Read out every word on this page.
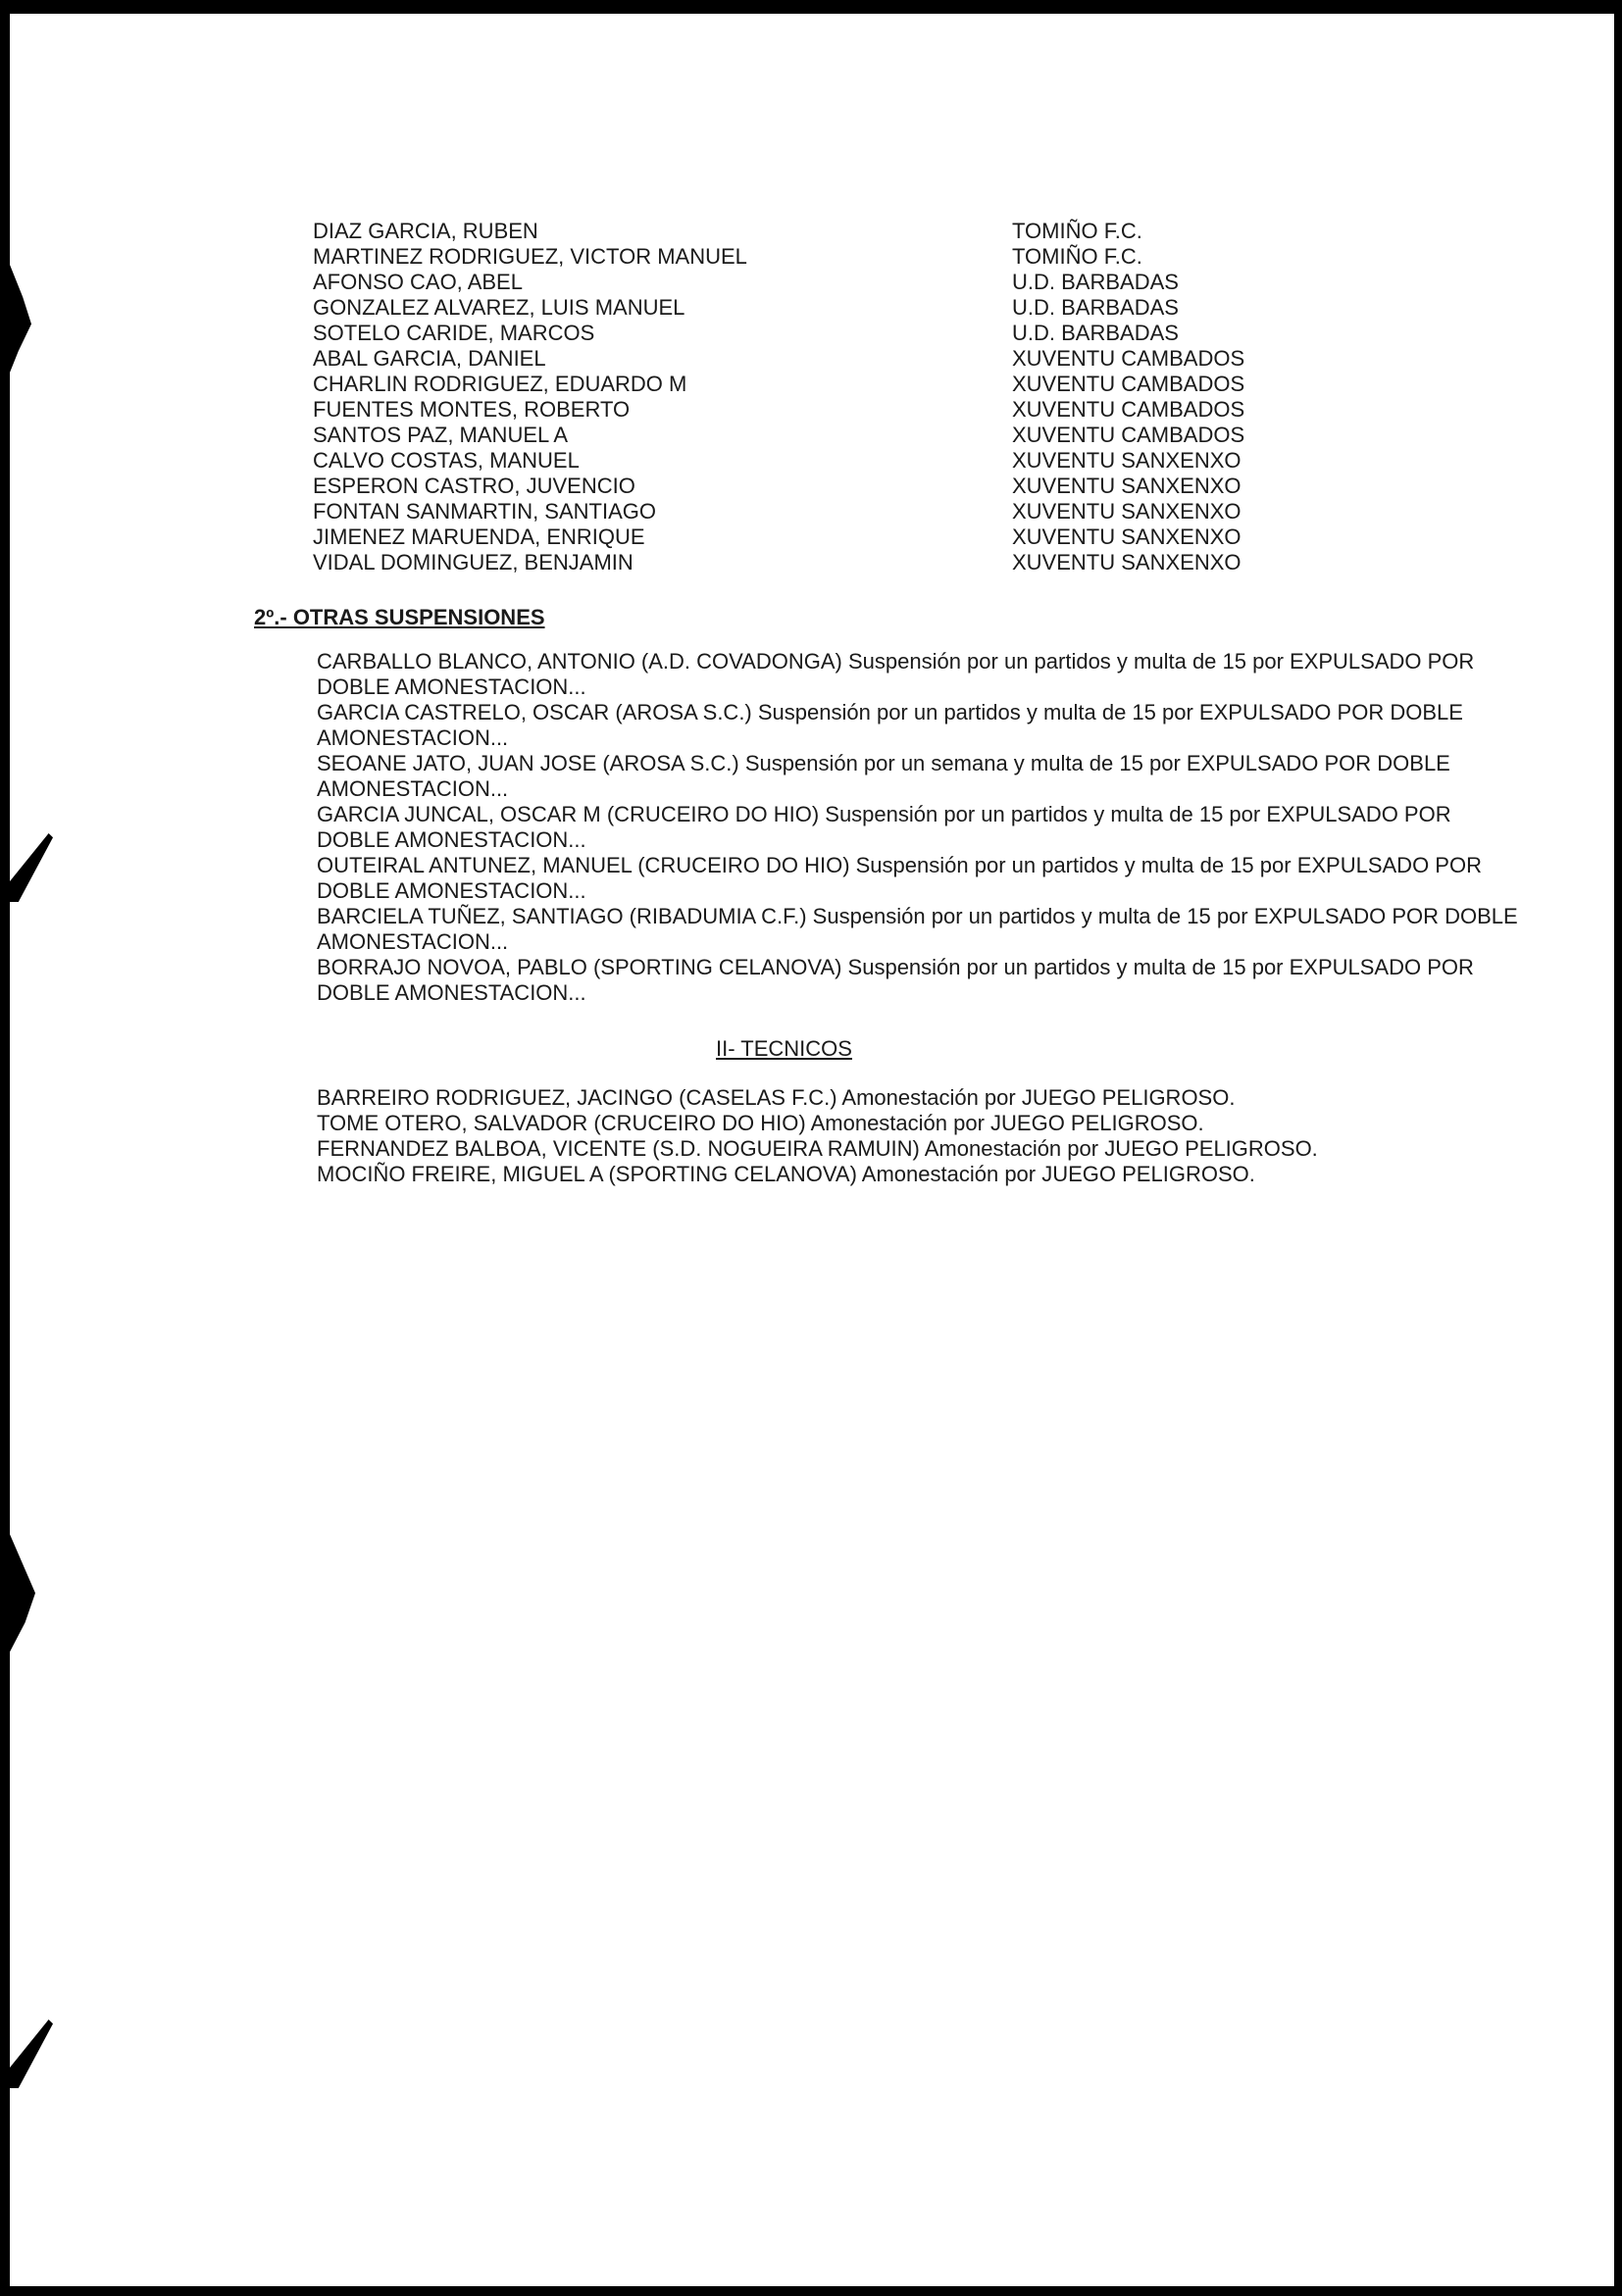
DIAZ GARCIA, RUBEN	TOMIÑO F.C.
MARTINEZ RODRIGUEZ, VICTOR MANUEL	TOMIÑO F.C.
AFONSO CAO, ABEL	U.D. BARBADAS
GONZALEZ ALVAREZ, LUIS MANUEL	U.D. BARBADAS
SOTELO CARIDE, MARCOS	U.D. BARBADAS
ABAL GARCIA, DANIEL	XUVENTU CAMBADOS
CHARLIN RODRIGUEZ, EDUARDO M	XUVENTU CAMBADOS
FUENTES MONTES, ROBERTO	XUVENTU CAMBADOS
SANTOS PAZ, MANUEL A	XUVENTU CAMBADOS
CALVO COSTAS, MANUEL	XUVENTU SANXENXO
ESPERON CASTRO, JUVENCIO	XUVENTU SANXENXO
FONTAN SANMARTIN, SANTIAGO	XUVENTU SANXENXO
JIMENEZ MARUENDA, ENRIQUE	XUVENTU SANXENXO
VIDAL DOMINGUEZ, BENJAMIN	XUVENTU SANXENXO
2º.- OTRAS SUSPENSIONES

CARBALLO BLANCO, ANTONIO (A.D. COVADONGA) Suspensión por un partidos y multa de 15 por EXPULSADO POR DOBLE AMONESTACION...

GARCIA CASTRELO, OSCAR (AROSA S.C.) Suspensión por un partidos y multa de 15 por EXPULSADO POR DOBLE AMONESTACION...

SEOANE JATO, JUAN JOSE (AROSA S.C.) Suspensión por un semana y multa de 15 por EXPULSADO POR DOBLE AMONESTACION...

GARCIA JUNCAL, OSCAR M (CRUCEIRO DO HIO) Suspensión por un partidos y multa de 15 por EXPULSADO POR DOBLE AMONESTACION...

OUTEIRAL ANTUNEZ, MANUEL (CRUCEIRO DO HIO) Suspensión por un partidos y multa de 15 por EXPULSADO POR DOBLE AMONESTACION...

BARCIELA TUÑEZ, SANTIAGO (RIBADUMIA C.F.) Suspensión por un partidos y multa de 15 por EXPULSADO POR DOBLE AMONESTACION...

BORRAJO NOVOA, PABLO (SPORTING CELANOVA) Suspensión por un partidos y multa de 15 por EXPULSADO POR DOBLE AMONESTACION...

II- TECNICOS
BARREIRO RODRIGUEZ, JACINGO (CASELAS F.C.) Amonestación por JUEGO PELIGROSO.
TOME OTERO, SALVADOR (CRUCEIRO DO HIO) Amonestación por JUEGO PELIGROSO.
FERNANDEZ BALBOA, VICENTE (S.D. NOGUEIRA RAMUIN) Amonestación por JUEGO PELIGROSO.
MOCIÑO FREIRE, MIGUEL A (SPORTING CELANOVA) Amonestación por JUEGO PELIGROSO.
